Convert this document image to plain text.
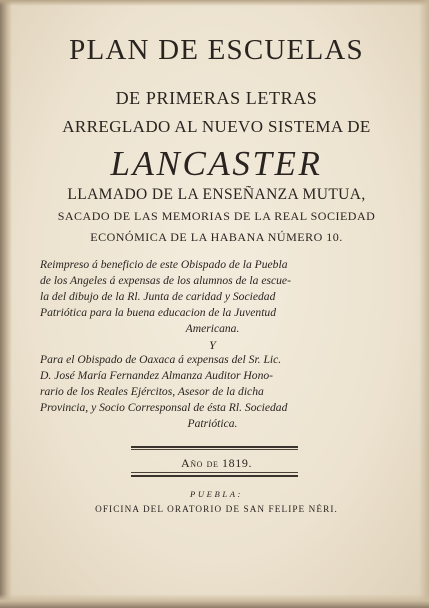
PLAN DE ESCUELAS
DE PRIMERAS LETRAS
ARREGLADO AL NUEVO SISTEMA DE
LANCASTER
LLAMADO DE LA ENSEÑANZA MUTUA,
SACADO DE LAS MEMORIAS DE LA REAL SOCIEDAD
ECONÓMICA DE LA HABANA NÚMERO 10.
Reimpreso á beneficio de este Obispado de la Puebla
de los Angeles á expensas de los alumnos de la escue-
la del dibujo de la Rl. Junta de caridad y Sociedad
Patriótica para la buena educacion de la Juventud
Americana.
Y
Para el Obispado de Oaxaca á expensas del Sr. Lic.
D. José María Fernandez Almanza Auditor Hono-
rario de los Reales Ejércitos, Asesor de la dicha
Provincia, y Socio Corresponsal de ésta Rl. Sociedad
Patriótica.
Año de 1819.
PUEBLA:
OFICINA DEL ORATORIO DE SAN FELIPE NÉRI.
